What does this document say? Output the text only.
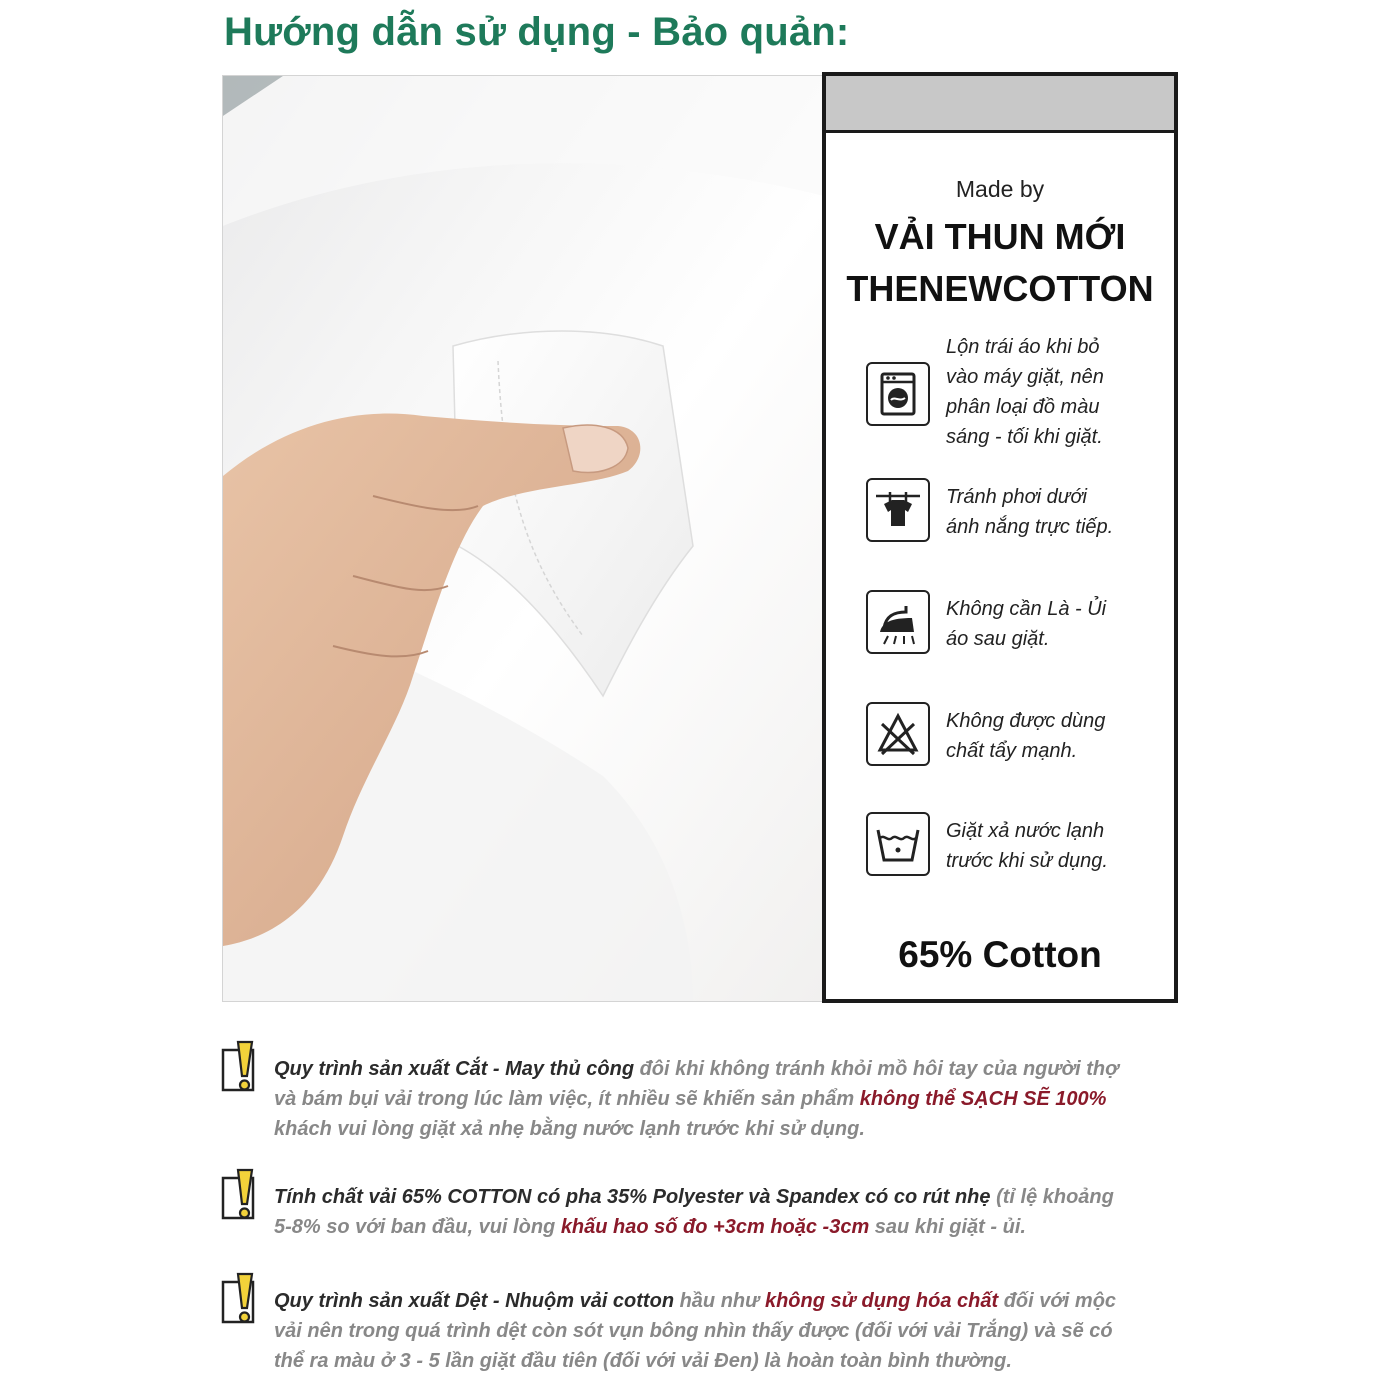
Hướng dẫn sử dụng - Bảo quản:
Made by
VẢI THUN MỚI
THENEWCOTTON
Lộn trái áo khi bỏ
vào máy giặt, nên
phân loại đồ màu
sáng - tối khi giặt.
Tránh phơi dưới
ánh nắng trực tiếp.
Không cần Là - Ủi
áo sau giặt.
Không được dùng
chất tẩy mạnh.
Giặt xả nước lạnh
trước khi sử dụng.
65% Cotton
Quy trình sản xuất Cắt - May thủ công đôi khi không tránh khỏi mồ hôi tay của người thợ
và bám bụi vải trong lúc làm việc, ít nhiều sẽ khiến sản phẩm không thể SẠCH SẼ 100%
khách vui lòng giặt xả nhẹ bằng nước lạnh trước khi sử dụng.
Tính chất vải 65% COTTON có pha 35% Polyester và Spandex có co rút nhẹ (tỉ lệ khoảng
5-8% so với ban đầu, vui lòng khấu hao số đo +3cm hoặc -3cm sau khi giặt - ủi.
Quy trình sản xuất Dệt - Nhuộm vải cotton hầu như không sử dụng hóa chất đối với mộc
vải nên trong quá trình dệt còn sót vụn bông nhìn thấy được (đối với vải Trắng) và sẽ có
thể ra màu ở 3 - 5 lần giặt đầu tiên (đối với vải Đen) là hoàn toàn bình thường.
